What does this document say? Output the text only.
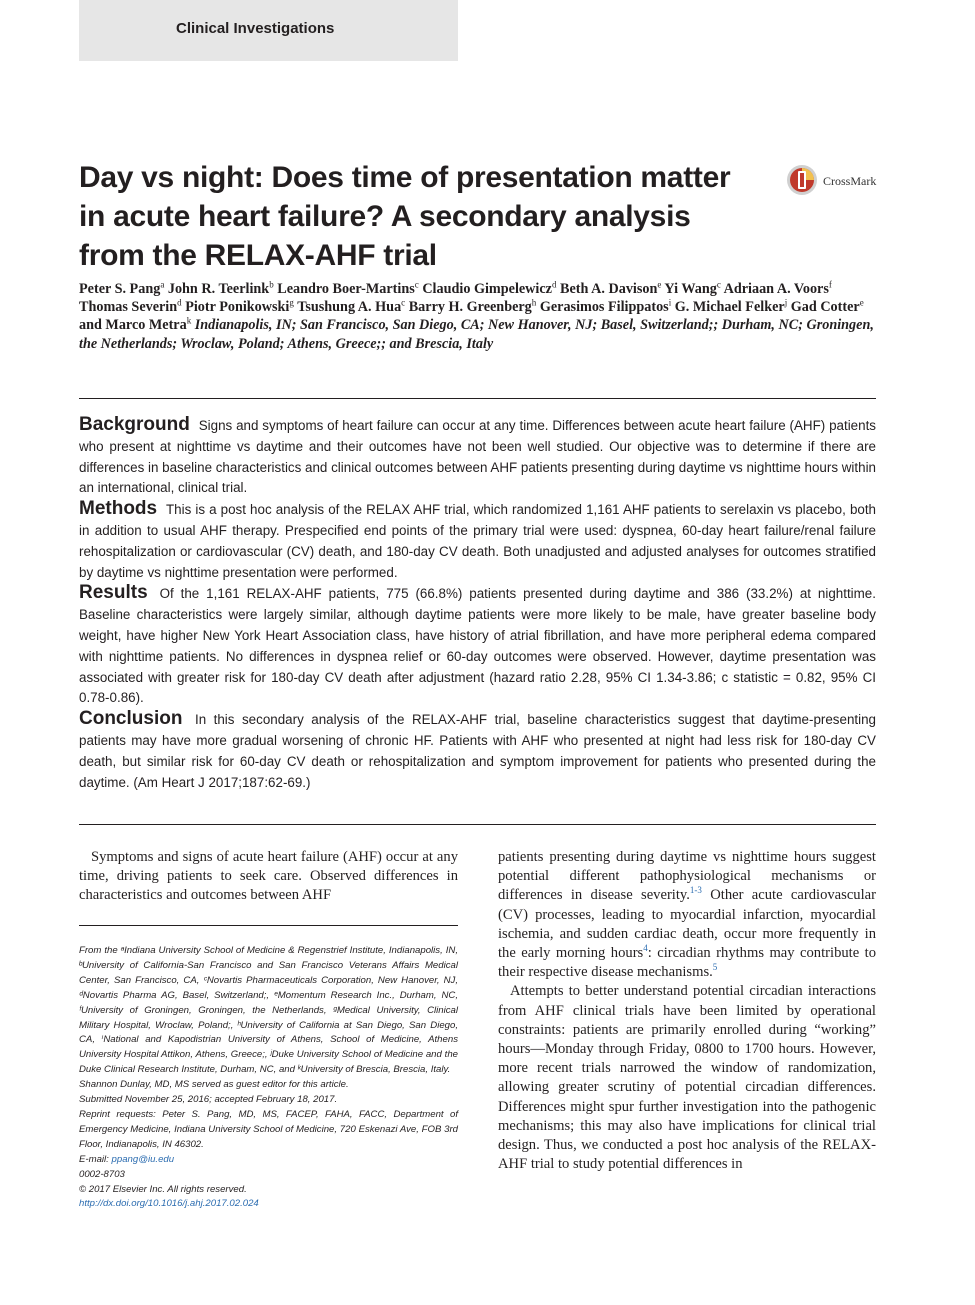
Clinical Investigations
Day vs night: Does time of presentation matter in acute heart failure? A secondary analysis from the RELAX-AHF trial
CrossMark
Peter S. Pang$^a$ John R. Teerlink$^b$ Leandro Boer-Martins$^c$ Claudio Gimpelewicz$^d$ Beth A. Davison$^e$ Yi Wang$^c$ Adriaan A. Voors$^f$ Thomas Severin$^d$ Piotr Ponikowski$^g$ Tsushung A. Hua$^c$ Barry H. Greenberg$^h$ Gerasimos Filippatos$^i$ G. Michael Felker$^j$ Gad Cotter$^e$ and Marco Metra$^k$ Indianapolis, IN; San Francisco, San Diego, CA; New Hanover, NJ; Basel, Switzerland;; Durham, NC; Groningen, the Netherlands; Wroclaw, Poland; Athens, Greece;; and Brescia, Italy

Background Signs and symptoms of heart failure can occur at any time. Differences between acute heart failure (AHF) patients who present at nighttime vs daytime and their outcomes have not been well studied. Our objective was to determine if there are differences in baseline characteristics and clinical outcomes between AHF patients presenting during daytime vs nighttime hours within an international, clinical trial.

Methods This is a post hoc analysis of the RELAX AHF trial, which randomized 1,161 AHF patients to serelaxin vs placebo, both in addition to usual AHF therapy. Prespecified end points of the primary trial were used: dyspnea, 60-day heart failure/renal failure rehospitalization or cardiovascular (CV) death, and 180-day CV death. Both unadjusted and adjusted analyses for outcomes stratified by daytime vs nighttime presentation were performed.

Results Of the 1,161 RELAX-AHF patients, 775 (66.8%) patients presented during daytime and 386 (33.2%) at nighttime. Baseline characteristics were largely similar, although daytime patients were more likely to be male, have greater baseline body weight, have higher New York Heart Association class, have history of atrial fibrillation, and have more peripheral edema compared with nighttime patients. No differences in dyspnea relief or 60-day outcomes were observed. However, daytime presentation was associated with greater risk for 180-day CV death after adjustment (hazard ratio 2.28, 95% CI 1.34-3.86; c statistic = 0.82, 95% CI 0.78-0.86).

Conclusion In this secondary analysis of the RELAX-AHF trial, baseline characteristics suggest that daytime-presenting patients may have more gradual worsening of chronic HF. Patients with AHF who presented at night had less risk for 180-day CV death, but similar risk for 60-day CV death or rehospitalization and symptom improvement for patients who presented during the daytime. (Am Heart J 2017;187:62-69.)

Symptoms and signs of acute heart failure (AHF) occur at any time, driving patients to seek care. Observed differences in characteristics and outcomes between AHF

From the ᵃIndiana University School of Medicine & Regenstrief Institute, Indianapolis, IN, ᵇUniversity of California-San Francisco and San Francisco Veterans Affairs Medical Center, San Francisco, CA, ᶜNovartis Pharmaceuticals Corporation, New Hanover, NJ, ᵈNovartis Pharma AG, Basel, Switzerland;, ᵉMomentum Research Inc., Durham, NC, ᶠUniversity of Groningen, Groningen, the Netherlands, ᵍMedical University, Clinical Military Hospital, Wroclaw, Poland;, ʰUniversity of California at San Diego, San Diego, CA, ⁱNational and Kapodistrian University of Athens, School of Medicine, Athens University Hospital Attikon, Athens, Greece;, ʲDuke University School of Medicine and the Duke Clinical Research Institute, Durham, NC, and ᵏUniversity of Brescia, Brescia, Italy.

Shannon Dunlay, MD, MS served as guest editor for this article.

Submitted November 25, 2016; accepted February 18, 2017.

Reprint requests: Peter S. Pang, MD, MS, FACEP, FAHA, FACC, Department of Emergency Medicine, Indiana University School of Medicine, 720 Eskenazi Ave, FOB 3rd Floor, Indianapolis, IN 46302.

E-mail: ppang@iu.edu

0002-8703

© 2017 Elsevier Inc. All rights reserved.

http://dx.doi.org/10.1016/j.ahj.2017.02.024

patients presenting during daytime vs nighttime hours suggest potential different pathophysiological mechanisms or differences in disease severity.$^{1-3}$ Other acute cardiovascular (CV) processes, leading to myocardial infarction, myocardial ischemia, and sudden cardiac death, occur more frequently in the early morning hours$^4$: circadian rhythms may contribute to their respective disease mechanisms.$^5$

Attempts to better understand potential circadian interactions from AHF clinical trials have been limited by operational constraints: patients are primarily enrolled during “working” hours—Monday through Friday, 0800 to 1700 hours. However, more recent trials narrowed the window of randomization, allowing greater scrutiny of potential circadian differences. Differences might spur further investigation into the pathogenic mechanisms; this may also have implications for clinical trial design. Thus, we conducted a post hoc analysis of the RELAX-AHF trial to study potential differences in
